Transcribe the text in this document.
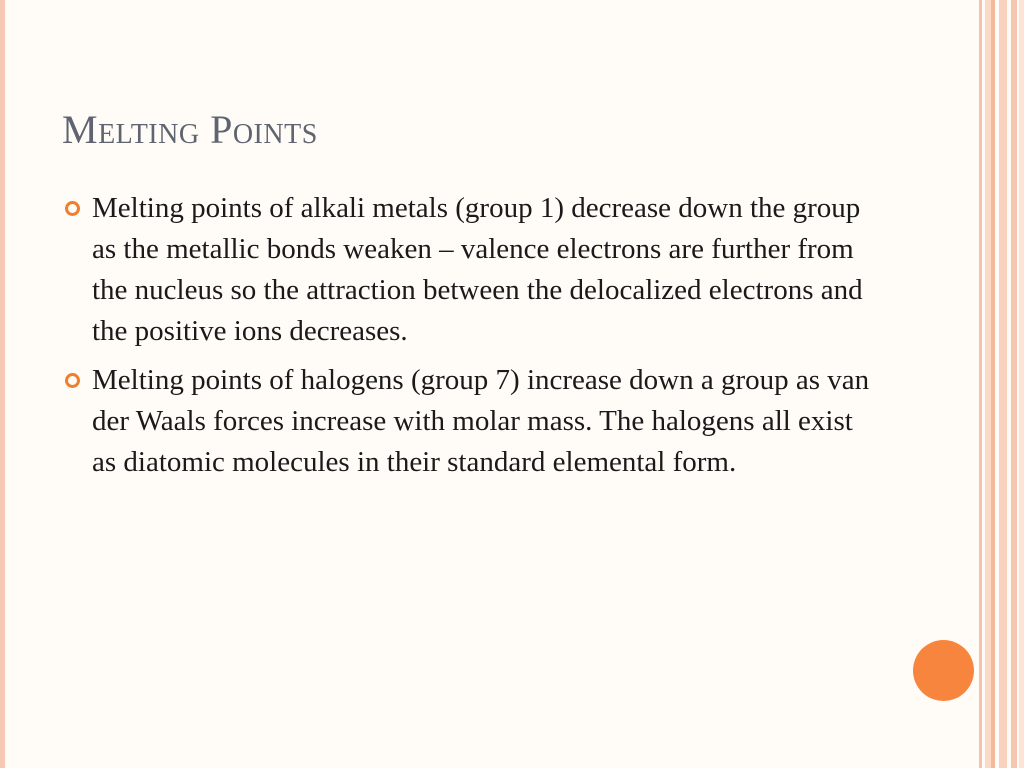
Melting Points
Melting points of alkali metals (group 1) decrease down the group as the metallic bonds weaken – valence electrons are further from the nucleus so the attraction between the delocalized electrons and the positive ions decreases.
Melting points of halogens (group 7) increase down a group as van der Waals forces increase with molar mass. The halogens all exist as diatomic molecules in their standard elemental form.
